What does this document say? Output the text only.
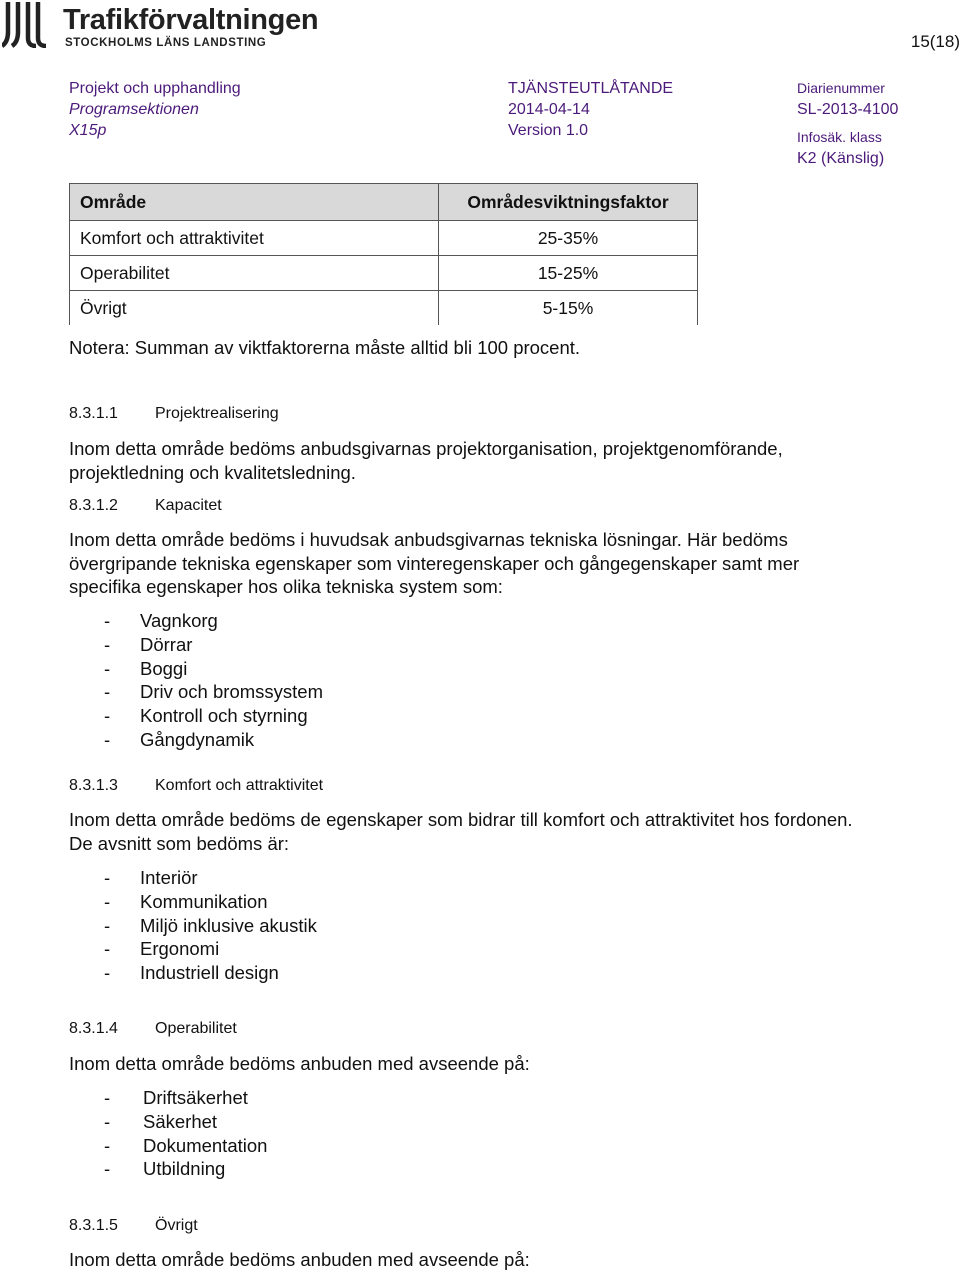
Trafikförvaltningen
STOCKHOLMS LÄNS LANDSTING	15(18)
Projekt och upphandling
Programsektionen
X15p
TJÄNSTEUTLÅTANDE
2014-04-14
Version 1.0
Diarienummer
SL-2013-4100
Infosäk. klass
K2 (Känslig)
Område	Områdesviktningsfaktor
Komfort och attraktivitet	25-35%
Operabilitet	15-25%
Övrigt	5-15%
Notera: Summan av viktfaktorerna måste alltid bli 100 procent.
8.3.1.1 Projektrealisering
Inom detta område bedöms anbudsgivarnas projektorganisation, projektgenomförande, projektledning och kvalitetsledning.
8.3.1.2 Kapacitet
Inom detta område bedöms i huvudsak anbudsgivarnas tekniska lösningar. Här bedöms övergripande tekniska egenskaper som vinteregenskaper och gångegenskaper samt mer specifika egenskaper hos olika tekniska system som:
- Vagnkorg
- Dörrar
- Boggi
- Driv och bromssystem
- Kontroll och styrning
- Gångdynamik
8.3.1.3 Komfort och attraktivitet
Inom detta område bedöms de egenskaper som bidrar till komfort och attraktivitet hos fordonen. De avsnitt som bedöms är:
- Interiör
- Kommunikation
- Miljö inklusive akustik
- Ergonomi
- Industriell design
8.3.1.4 Operabilitet
Inom detta område bedöms anbuden med avseende på:
- Driftsäkerhet
- Säkerhet
- Dokumentation
- Utbildning
8.3.1.5 Övrigt
Inom detta område bedöms anbuden med avseende på:
